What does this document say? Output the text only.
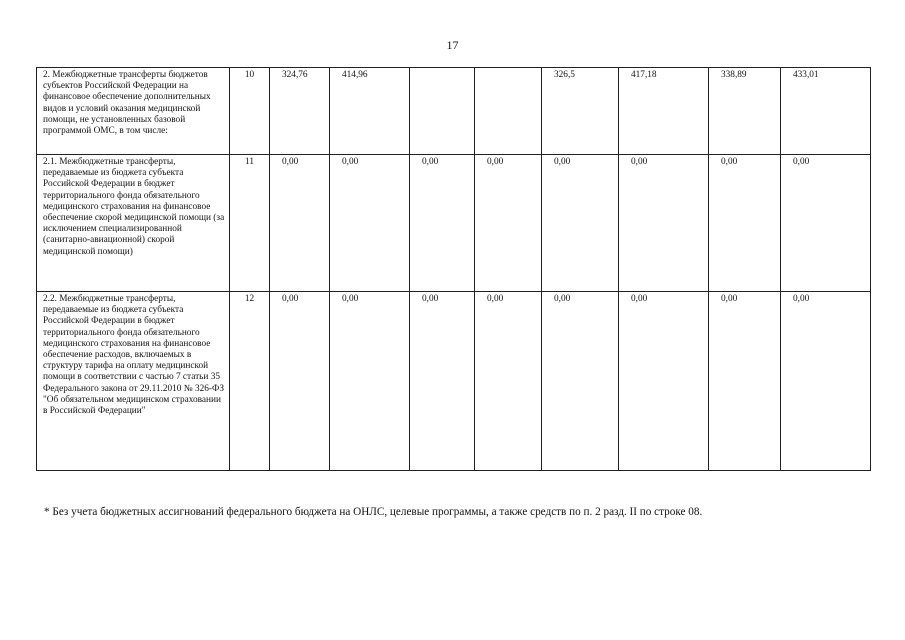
17
2. Межбюджетные трансферты бюджетов субъектов Российской Федерации на финансовое обеспечение дополнительных видов и условий оказания медицинской помощи, не установленных базовой программой ОМС, в том числе:	10	324,76	414,96			326,5	417,18	338,89	433,01
2.1. Межбюджетные трансферты, передаваемые из бюджета субъекта Российской Федерации в бюджет территориального фонда обязательного медицинского страхования на финансовое обеспечение скорой медицинской помощи (за исключением специализированной (санитарно-авиационной) скорой медицинской помощи)	11	0,00	0,00	0,00	0,00	0,00	0,00	0,00	0,00
2.2. Межбюджетные трансферты, передаваемые из бюджета субъекта Российской Федерации в бюджет территориального фонда обязательного медицинского страхования на финансовое обеспечение расходов, включаемых в структуру тарифа на оплату медицинской помощи в соответствии с частью 7 статьи 35 Федерального закона от 29.11.2010 № 326-ФЗ "Об обязательном медицинском страховании в Российской Федерации"	12	0,00	0,00	0,00	0,00	0,00	0,00	0,00	0,00
* Без учета бюджетных ассигнований федерального бюджета на ОНЛС, целевые программы, а также средств по п. 2 разд. II по строке 08.
